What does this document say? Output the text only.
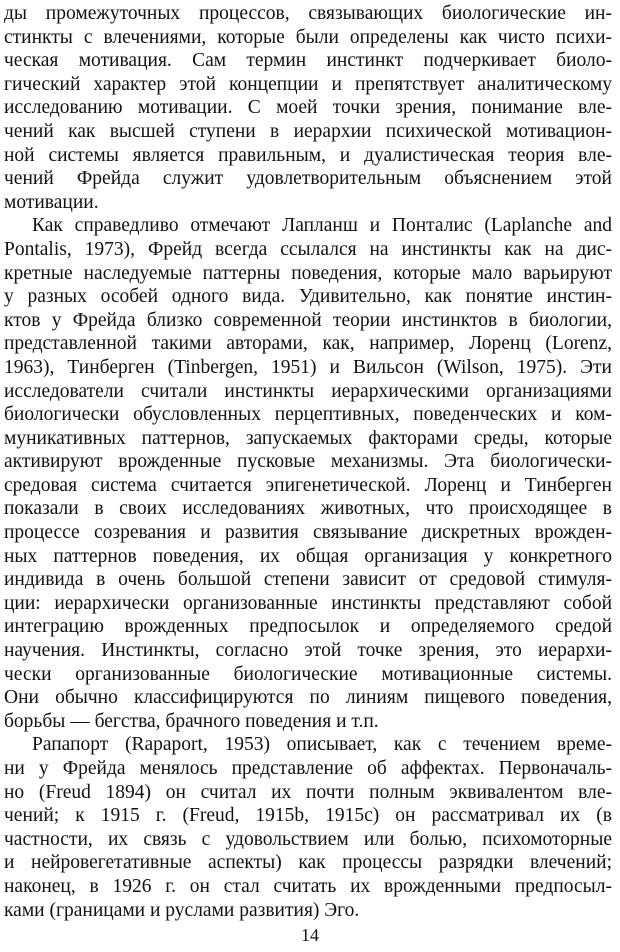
ды промежуточных процессов, связывающих биологические ин-
стинкты с влечениями, которые были определены как чисто психи-
ческая мотивация. Сам термин инстинкт подчеркивает биоло-
гический характер этой концепции и препятствует аналитическому
исследованию мотивации. С моей точки зрения, понимание вле-
чений как высшей ступени в иерархии психической мотивацион-
ной системы является правильным, и дуалистическая теория вле-
чений Фрейда служит удовлетворительным объяснением этой
мотивации.
Как справедливо отмечают Лапланш и Понталис (Laplanche and
Pontalis, 1973), Фрейд всегда ссылался на инстинкты как на дис-
кретные наследуемые паттерны поведения, которые мало варьируют
у разных особей одного вида. Удивительно, как понятие инстин-
ктов у Фрейда близко современной теории инстинктов в биологии,
представленной такими авторами, как, например, Лоренц (Lorenz,
1963), Тинберген (Tinbergen, 1951) и Вильсон (Wilson, 1975). Эти
исследователи считали инстинкты иерархическими организациями
биологически обусловленных перцептивных, поведенческих и ком-
муникативных паттернов, запускаемых факторами среды, которые
активируют врожденные пусковые механизмы. Эта биологически-
средовая система считается эпигенетической. Лоренц и Тинберген
показали в своих исследованиях животных, что происходящее в
процессе созревания и развития связывание дискретных врожден-
ных паттернов поведения, их общая организация у конкретного
индивида в очень большой степени зависит от средовой стимуля-
ции: иерархически организованные инстинкты представляют собой
интеграцию врожденных предпосылок и определяемого средой
научения. Инстинкты, согласно этой точке зрения, это иерархи-
чески организованные биологические мотивационные системы.
Они обычно классифицируются по линиям пищевого поведения,
борьбы — бегства, брачного поведения и т.п.
Рапапорт (Rapaport, 1953) описывает, как с течением време-
ни у Фрейда менялось представление об аффектах. Первоначаль-
но (Freud 1894) он считал их почти полным эквивалентом вле-
чений; к 1915 г. (Freud, 1915b, 1915c) он рассматривал их (в
частности, их связь с удовольствием или болью, психомоторные
и нейровегетативные аспекты) как процессы разрядки влечений;
наконец, в 1926 г. он стал считать их врожденными предпосыл-
ками (границами и руслами развития) Эго.
14
